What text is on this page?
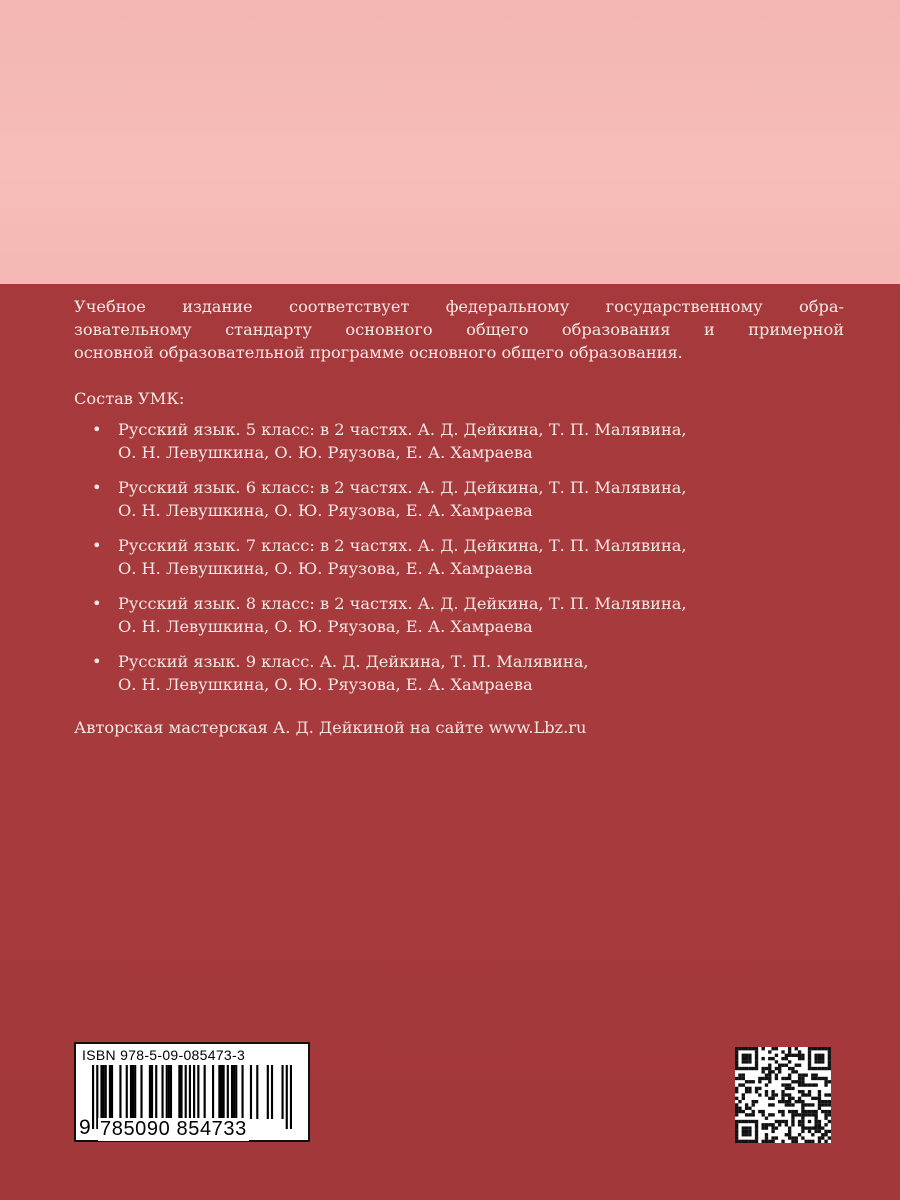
Учебное издание соответствует федеральному государственному обра-

зовательному стандарту основного общего образования и примерной

основной образовательной программе основного общего образования.

Состав УМК:
• Русский язык. 5 класс: в 2 частях. А. Д. Дейкина, Т. П. Малявина,
О. Н. Левушкина, О. Ю. Ряузова, Е. А. Хамраева
• Русский язык. 6 класс: в 2 частях. А. Д. Дейкина, Т. П. Малявина,
О. Н. Левушкина, О. Ю. Ряузова, Е. А. Хамраева
• Русский язык. 7 класс: в 2 частях. А. Д. Дейкина, Т. П. Малявина,
О. Н. Левушкина, О. Ю. Ряузова, Е. А. Хамраева
• Русский язык. 8 класс: в 2 частях. А. Д. Дейкина, Т. П. Малявина,
О. Н. Левушкина, О. Ю. Ряузова, Е. А. Хамраева
• Русский язык. 9 класс. А. Д. Дейкина, Т. П. Малявина,
О. Н. Левушкина, О. Ю. Ряузова, Е. А. Хамраева
Авторская мастерская А. Д. Дейкиной на сайте www.Lbz.ru
ISBN 978-5-09-085473-3
9 785090 854733
